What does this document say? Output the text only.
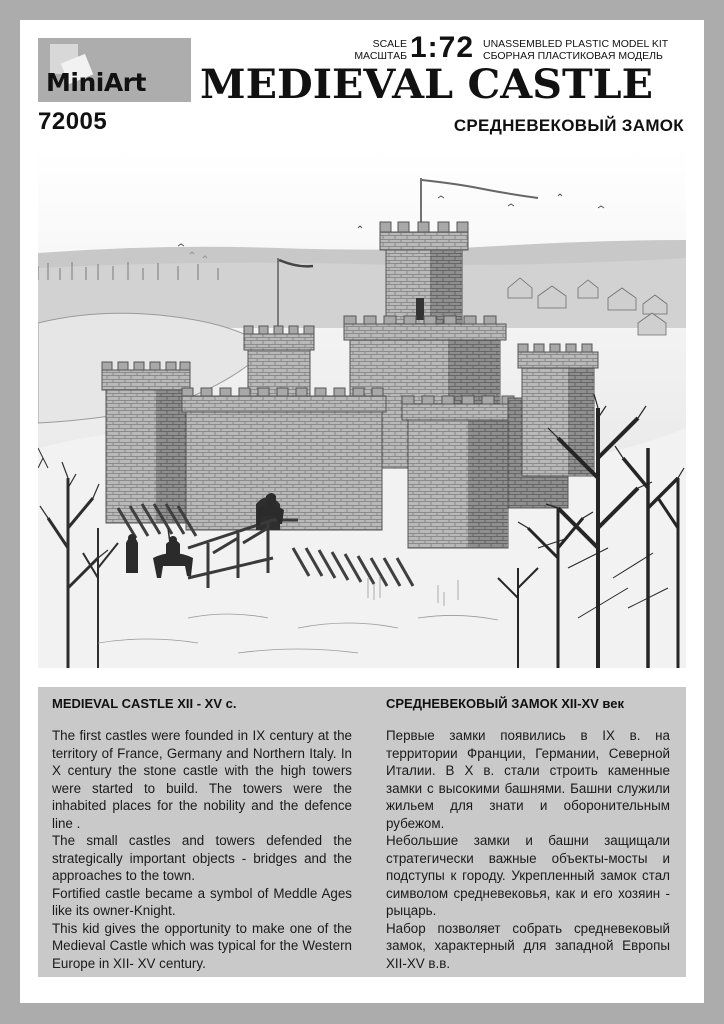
MiniArt
72005
SCALE
МАСШТАБ 1:72 UNASSEMBLED PLASTIC MODEL KIT
СБОРНАЯ ПЛАСТИКОВАЯ МОДЕЛЬ
MEDIEVAL CASTLE
СРЕДНЕВЕКОВЫЙ ЗАМОК
MEDIEVAL CASTLE XII - XV c.

The first castles were founded in IX century at the territory of France, Germany and Northern Italy. In X century the stone castle with the high towers were started to build. The towers were the inhabited places for the nobility and the defence line .

The small castles and towers defended the strategically important objects - bridges and the approaches to the town.

Fortified castle became a symbol of Meddle Ages like its owner-Knight.

This kid gives the opportunity to make one of the Medieval Castle which was typical for the Western Europe in XII- XV century.

СРЕДНЕВЕКОВЫЙ ЗАМОК XII-XV век

Первые замки появились в IX в. на территории Франции, Германии, Северной Италии. В X в. стали строить каменные замки с высокими башнями. Башни служили жильем для знати и оборонительным рубежом.

Небольшие замки и башни защищали стратегически важные объекты-мосты и подступы к городу. Укрепленный замок стал символом средневековья, как и его хозяин - рыцарь.

Набор позволяет собрать средневековый замок, характерный для западной Европы XII-XV в.в.
